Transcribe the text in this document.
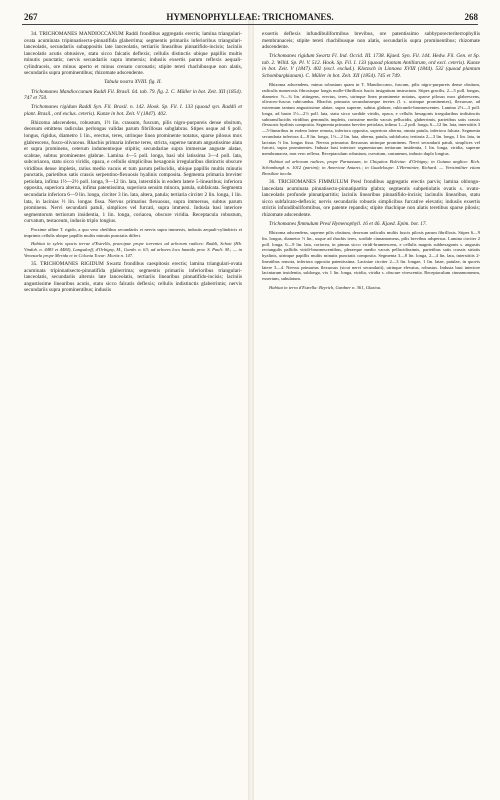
267	HYMENOPHYLLEAE: TRICHOMANES.	268

34. TRICHOMANES MANDIOCCANUM Raddi frondibus aggregatis erectis; lamina triangulari-ovata acuminata tripinnatisecto-pinnatifida glaberrima; segmentis primariis inferioribus triangulari-lanceolatis, secundariis subappositis late lanceolatis, tertiariis linearibus pinnatifido-incisis; laciniis lanceolatis acutis obtusisve, statu sicco falcatis deflexis; cellulis distinctis ubique papillis multis minutis punctatis; nervis secundariis supra immersis; indusiis exsertis parum reflexis aequali-cylindraceis, ore minus aperto et minus crenato coronatis; stipite tereti rhachibusque non alatis, secundariis supra prominentibus; rhizomate adscendente.

Tabula nostra XVIII. fig. II.

Trichomanes Mandioccanum Raddi Fil. Brasil. 64. tab. 79. fig. 2. C. Müller in bot. Zeit. XII (1854). 747 et 750.

Trichomanes rigidum Raddi Syn. Fil. Brasil. n. 142. Hook. Sp. Fil. I. 133 (quoad syn. Raddii et plant. Brasil., ord exclus. ceteris). Kunze in bot. Zeit. V (1847). 402.

Rhizoma adscendens, robustum, 1½ lin. crassum, fuscum, pilis nigro-purpureis dense obsitum, deorsum emittens radiculas perlongas validas parum fibrillosas subglabras. Stipes usque ad 6 poll. longus, rigidus, diametro 1 lin., erectus, teres, utrinque linea prominente notatus, sparse pilosus mox glabrescens, fusco-olivaceus. Rhachis primaria inferne teres, stricta, superne tantum angustissime alata et supra prominens, ceterum indumentoque stipitis; secundariae supra immersae anguste alatae, scabrae, subtus prominentes glabrae. Lamina 4—5 poll. longa, basi ubi latissima 3—4 poll. lata, subcoriacea, statu sicco viridis, opaca, e cellulis simplicibus hexagonis irregularibus distinctis obscure viridibus dense impletis, rarius medio vacuis et tum parum pellucidis, ubique papillis multis minutis punctatis, parietibus satis crassis serpentino-flexuosis hyalinis composita. Segmenta primaria breviter petiolata, infima 1½—2½ poll. longa, 9—12 lin. lata, interstitiis in eodem latere 5-linearibus; inferiora opposita, superiora alterna, infima patentissima, superiora sensim minora, patula, subfalcata. Segmenta secundaria inferiora 6—9 lin. longa, circiter 3 lin. lata, altera, patula; tertiaria circiter 2 lin. longa, 1 lin. lata, in lacinias ½ lin. longas fissa. Nervus primarius flexuosus, supra immersus, subtus parum prominens. Nervi secundarii patuli, simplices vel furcati, supra immersi. Indusia basi interiore segmentorum tertiorum insidentia, 1 lin. longa, coriacea, obscure viridia. Receptacula robustum, curvatum, testaceum, indusio triplo longius.

Proxime affine T. rigido, a quo vero cheilibus secundariis et nervis supra immersis, indusiis aequali-cylindricis et imprimis cellulis ubique papillis multis minutis punctatis differt.

Habitat in sylvis opacis terrae d'Estrella, praecipue prope torrentes ad arborum radices: Raddi, Schott (Hb. Vindob. n. 4483 et 4484), Langsdorff, d'Orbigny, M., Gardn. n. 63; ad arbores loco humido prov. S. Pauli: M.; — in Venezuela prope Merida et in Colonia Tovar: Moritz n. 147.

35. TRICHOMANES RIGIDUM Swartz frondibus caespitosis erectis; lamina triangulari-ovata acuminata tripinnatisecto-pinnatifida glaberrima; segmentis primariis inferioribus triangulari-lanceolatis, secundariis alternis late lanceolatis, tertiariis linearibus pinnatifido-incisis; laciniis angustissime linearibus acutis, statu sicco falcatis deflexis; cellulis indistinctis glaberrimis; nervis secundariis supra prominentibus; indusiis

exsertis deflexis infundibuliformibus brevibus, ore patentissimo subbyporecteriterrophyllis membranaceis; stipite tereti rhachibusque non alatis, secundariis supra prominentibus; rhizomate adscendente.

Trichomanes rigidum Swartz Fl. Ind. Occid. III. 1738. Kjaed. Syn. Fil. 144. Hedw. Fil. Gen. et Sp. tab. 2. Willd. Sp. Pl. V. 512. Hook. Sp. Fil. I. 133 (quoad plantam Antillarum, ord excl. ceteris). Kunze in bot. Zeit. V (1847). 402 (excl. exclud.). Klotzsch in Linnaea XVIII (1844). 532 (quoad plantam Schomburgkianam). C. Müller in bot. Zeit. XII (1854). 745 et 749.

Rhizoma adscendens, minus robustum quam in T. Mandioccano, fuscum, pilis nigro-purpureis dense obsitum, radiculis numerosis fibrosisque longis molle-fibrillosis fuscis insignitum instructum. Stipes gracilis, 2—5 poll. longus, diametro ½—¾ lin. attingens, erectus, teres, utrinque linea prominente notatus, sparse pilosus mox glabrescens, olivaceo-fuscus rubicundus. Rhachis primaria secundariaeque teretes (l. s. utrinque prominentes), flexuosae, ad extremum tantum angustissime alatae, supra superne, subtus glabrae, rubicundo-brunnescentes. Lamina 2½—3 poll. longa, ad basin 1½—2½ poll. lata, statu sicco sordide viridis, opaca, e cellulis hexagonis irregularibus indistinctis subtransflucidis viridibus gemmulis impletis, rarissime medio vacuis pellucidis, glaberrimis, parietibus satis crassis flexuosis hyalinis composita. Segmenta primaria breviter petiolata, infima 1—2 poll. longa, 6—12 lin. lata, interstitiis 3—5-linearibus in eodem latere remota, inferiora opposita, superiora alterna, omnia patula, inferiora falcata. Segmenta secundaria inferiora 4—8 lin. longa, 1½—2 lin. lata, alterna, patula, subfalcata; tertiaria 2—3 lin. longa, 1 lin. lata, in lacinias ½ lin. longas fissa. Nervus primarius flexuosus utrinque prominens. Nervi secundarii patuli, simplices vel furcati, supra prominentes. Indusia basi interiore segmentorum tertiarum insidentia, 1 lin. longa, viridia, superne membranacea, non vero reflexa. Receptaculum robustum, curvatum, castaneum, indusio duplo longius.

Habitat ad arborum radices, prope Parnassum, in Chiquitos Boliviae: d'Orbigny; in Guiana anglica: Rich. Schomburgk n. 1012 (partim); in Americae Antarct.; in Guadeloupe: L'Herminier, Richard. — Verisimiliter etiam Brasiliae incola.

36. TRICHOMANES FIMMULUM Presl frondibus aggregatis erectis parvis; lamina oblongo-lanceolata acuminata pinnatisecto-pinnatipartita glabra; segmentis subpetiolatis ovatis s. ovato-lanceolatis profunde pinnatipartitis; laciniis linearibus pinnatifido-incisis; lacinulis linearibus, statu sicco subfalcato-deflexis; nervis secundariis robustis simplicibus furcative elevatis; indusiis exsertis strictis infundibuliformibus, ore patente repandis; stipite rhachique non alatis teretibus sparse pilosis; rhizomate adscendente.

Trichomanes fimmulum Presl Hymenophyll. 16 et 46. Kjaed. Epim. bot. 17.

Rhizoma adscendens, superne pilis obsitum, deorsum radiculis multis fuscis pilosis parum fibrillosis. Stipes 6—9 lin. longus, diametro ½ lin., usque ad rhachis teres, sordide cinnamomeus, pilis brevibus adspersus. Lamina circiter 2 poll. longa, 6—9 lin. lata, coriacea, in pinnas sicco viridi-brunnescens, e cellulis magnis subhexagonis s. angustis rectangulis pallidis viridi-brunnescentibus, pleraeque medio vacuis pellucidissimis, parietibus satis crassis striatis hyalinis, utrinque papillis multis minutis punctatis composita. Segmenta 3—8 lin. longa, 2—4 lin. lata, interstitiis 2-lineatibus remota, inferiora opposita patentissima. Laciniae circiter 2—3 lin. longae, 1 lin. latae, patulae, in quovis latere 3—4. Nervus primarius flexuosus (sicut nervi secundarii), utrinque elevatus, robustus. Indusia basi interiore laciniarum insidentia, sublonga, vix 1 lin. longa, viridia, viridia s. obscure virescentia. Receptaculum cinnamomeum, exsertum, subulatum.

Habitat in terra d'Estrella: Beyrich, Gardner n. 361, Glaziou.
